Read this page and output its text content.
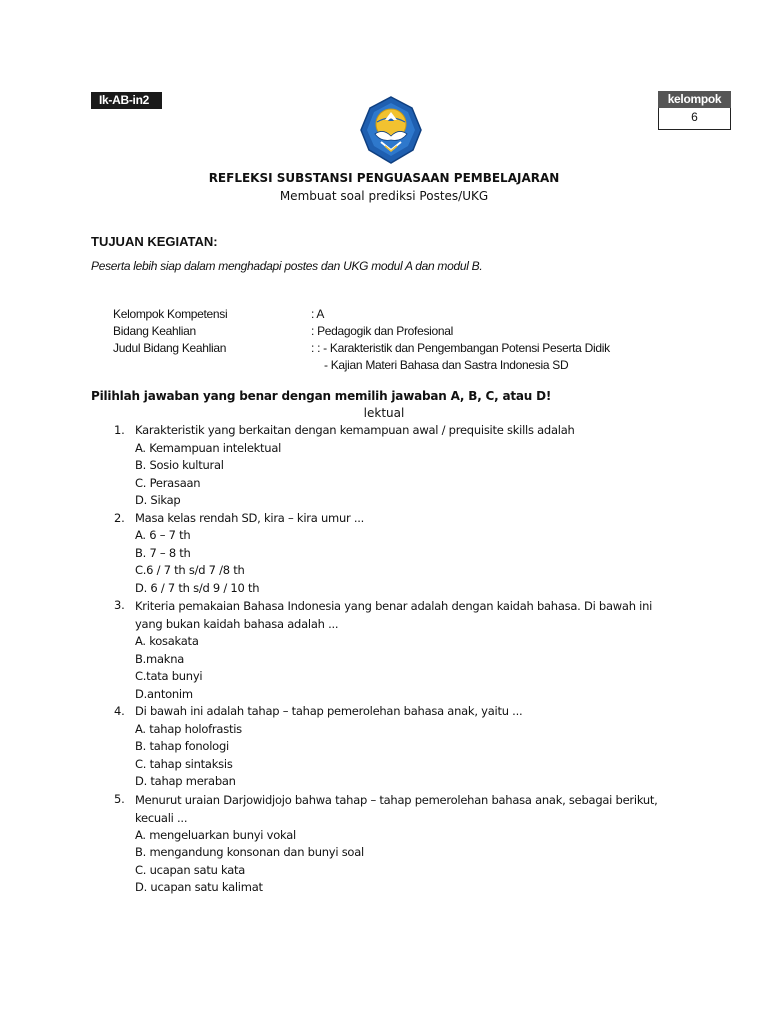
Ik-AB-in2	kelompok
6
REFLEKSI SUBSTANSI PENGUASAAN PEMBELAJARAN
Membuat soal prediksi Postes/UKG
TUJUAN KEGIATAN:
Peserta lebih siap dalam menghadapi postes dan UKG modul A dan modul B.
Kelompok Kompetensi	: A
Bidang Keahlian	: Pedagogik dan Profesional
Judul Bidang Keahlian	: : - Karakteristik dan Pengembangan Potensi Peserta Didik
- Kajian Materi Bahasa dan Sastra Indonesia SD
Pilihlah jawaban yang benar dengan memilih jawaban A, B, C, atau D!
lektual
1. Karakteristik yang berkaitan dengan kemampuan awal / prequisite skills adalah
A. Kemampuan intelektual
B. Sosio kultural
C. Perasaan
D. Sikap
2. Masa kelas rendah SD, kira – kira umur ...
A. 6 – 7 th
B. 7 – 8 th
C.6 / 7 th s/d 7 /8 th
D. 6 / 7 th s/d 9 / 10 th
3. Kriteria pemakaian Bahasa Indonesia yang benar adalah dengan kaidah bahasa. Di bawah ini
yang bukan kaidah bahasa adalah ...
A. kosakata
B.makna
C.tata bunyi
D.antonim
4. Di bawah ini adalah tahap – tahap pemerolehan bahasa anak, yaitu ...
A. tahap holofrastis
B. tahap fonologi
C. tahap sintaksis
D. tahap meraban
5. Menurut uraian Darjowidjojo bahwa tahap – tahap pemerolehan bahasa anak, sebagai berikut,
kecuali ...
A. mengeluarkan bunyi vokal
B. mengandung konsonan dan bunyi soal
C. ucapan satu kata
D. ucapan satu kalimat
